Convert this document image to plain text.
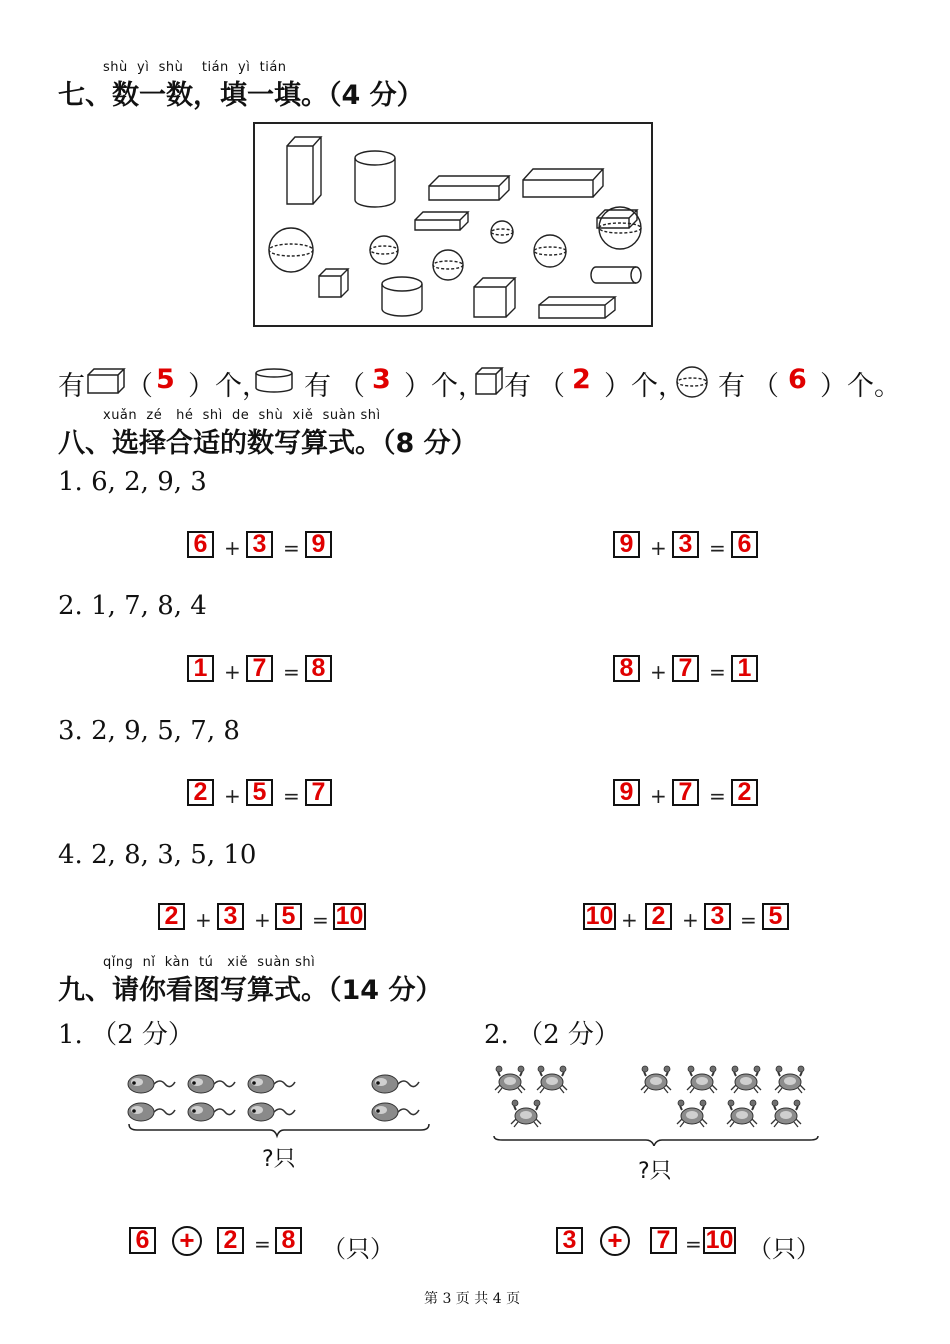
shù  yì  shù    tián  yì  tián
七、数一数，填一填。（4 分）
有 （ 5 ）个， 有 （ 3 ）个， 有 （ 2 ）个， 有 （ 6 ）个。
xuǎn  zé   hé  shì  de  shù  xiě  suàn shì
八、选择合适的数写算式。（8 分）
1. 6, 2, 9, 3
6 + 3 = 9	9 + 3 = 6
2. 1, 7, 8, 4
1 + 7 = 8	8 + 7 = 1
3. 2, 9, 5, 7, 8
2 + 5 = 7	9 + 7 = 2
4. 2, 8, 3, 5, 10
2 + 3 + 5 = 10	10 + 2 + 3 = 5
qǐng  nǐ  kàn  tú   xiě  suàn shì
九、请你看图写算式。（14 分）
1. （2 分）	2. （2 分）
?只	?只
6 + 2 = 8 （只）	3 + 7 = 10 （只）
第 3 页 共 4 页
